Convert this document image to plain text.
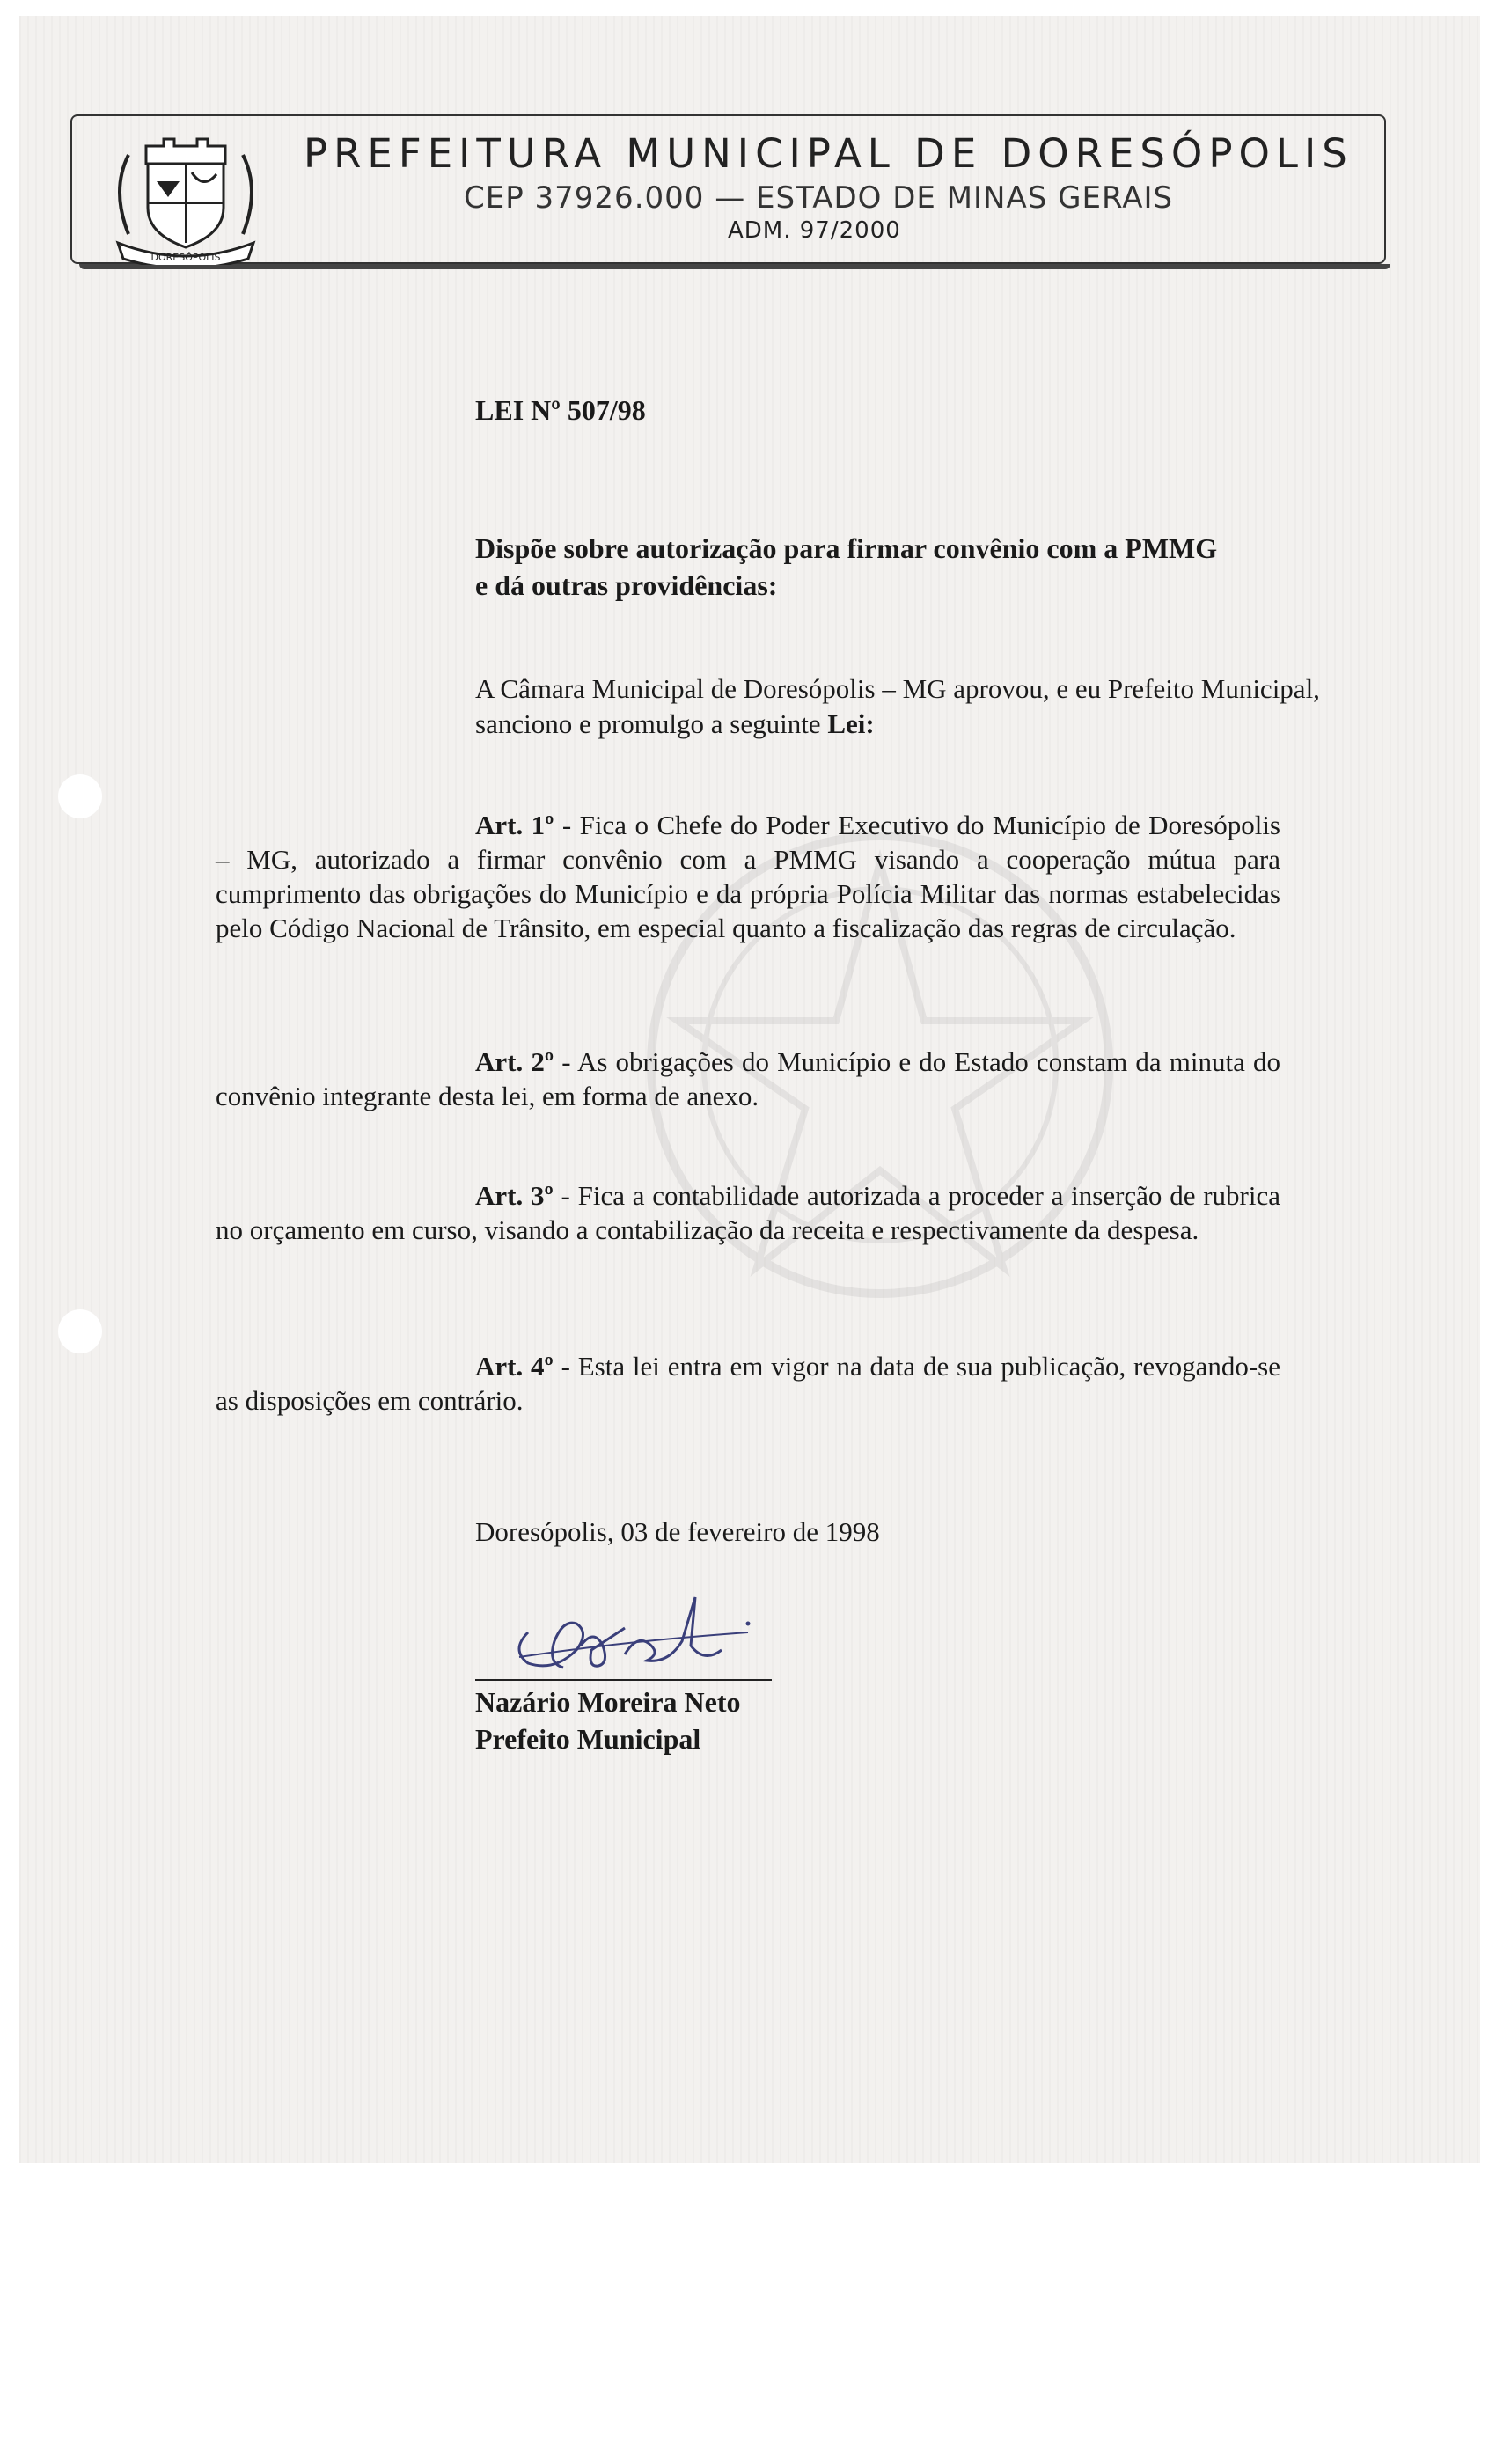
DORESÓPOLIS
PREFEITURA MUNICIPAL DE DORESÓPOLIS
CEP 37926.000 — ESTADO DE MINAS GERAIS
ADM. 97/2000
LEI Nº 507/98
Dispõe sobre autorização para firmar convênio com a PMMG
e dá outras providências:
A Câmara Municipal de Doresópolis – MG aprovou, e eu Prefeito Municipal, sanciono e promulgo a seguinte Lei:
Art. 1º - Fica o Chefe do Poder Executivo do Município de Doresópolis – MG, autorizado a firmar convênio com a PMMG visando a cooperação mútua para cumprimento das obrigações do Município e da própria Polícia Militar das normas estabelecidas pelo Código Nacional de Trânsito, em especial quanto a fiscalização das regras de circulação.
Art. 2º - As obrigações do Município e do Estado constam da minuta do convênio integrante desta lei, em forma de anexo.
Art. 3º - Fica a contabilidade autorizada a proceder a inserção de rubrica no orçamento em curso, visando a contabilização da receita e respectivamente da despesa.
Art. 4º - Esta lei entra em vigor na data de sua publicação, revogando-se as disposições em contrário.
Doresópolis, 03 de fevereiro de 1998
Nazário Moreira Neto
Prefeito Municipal
